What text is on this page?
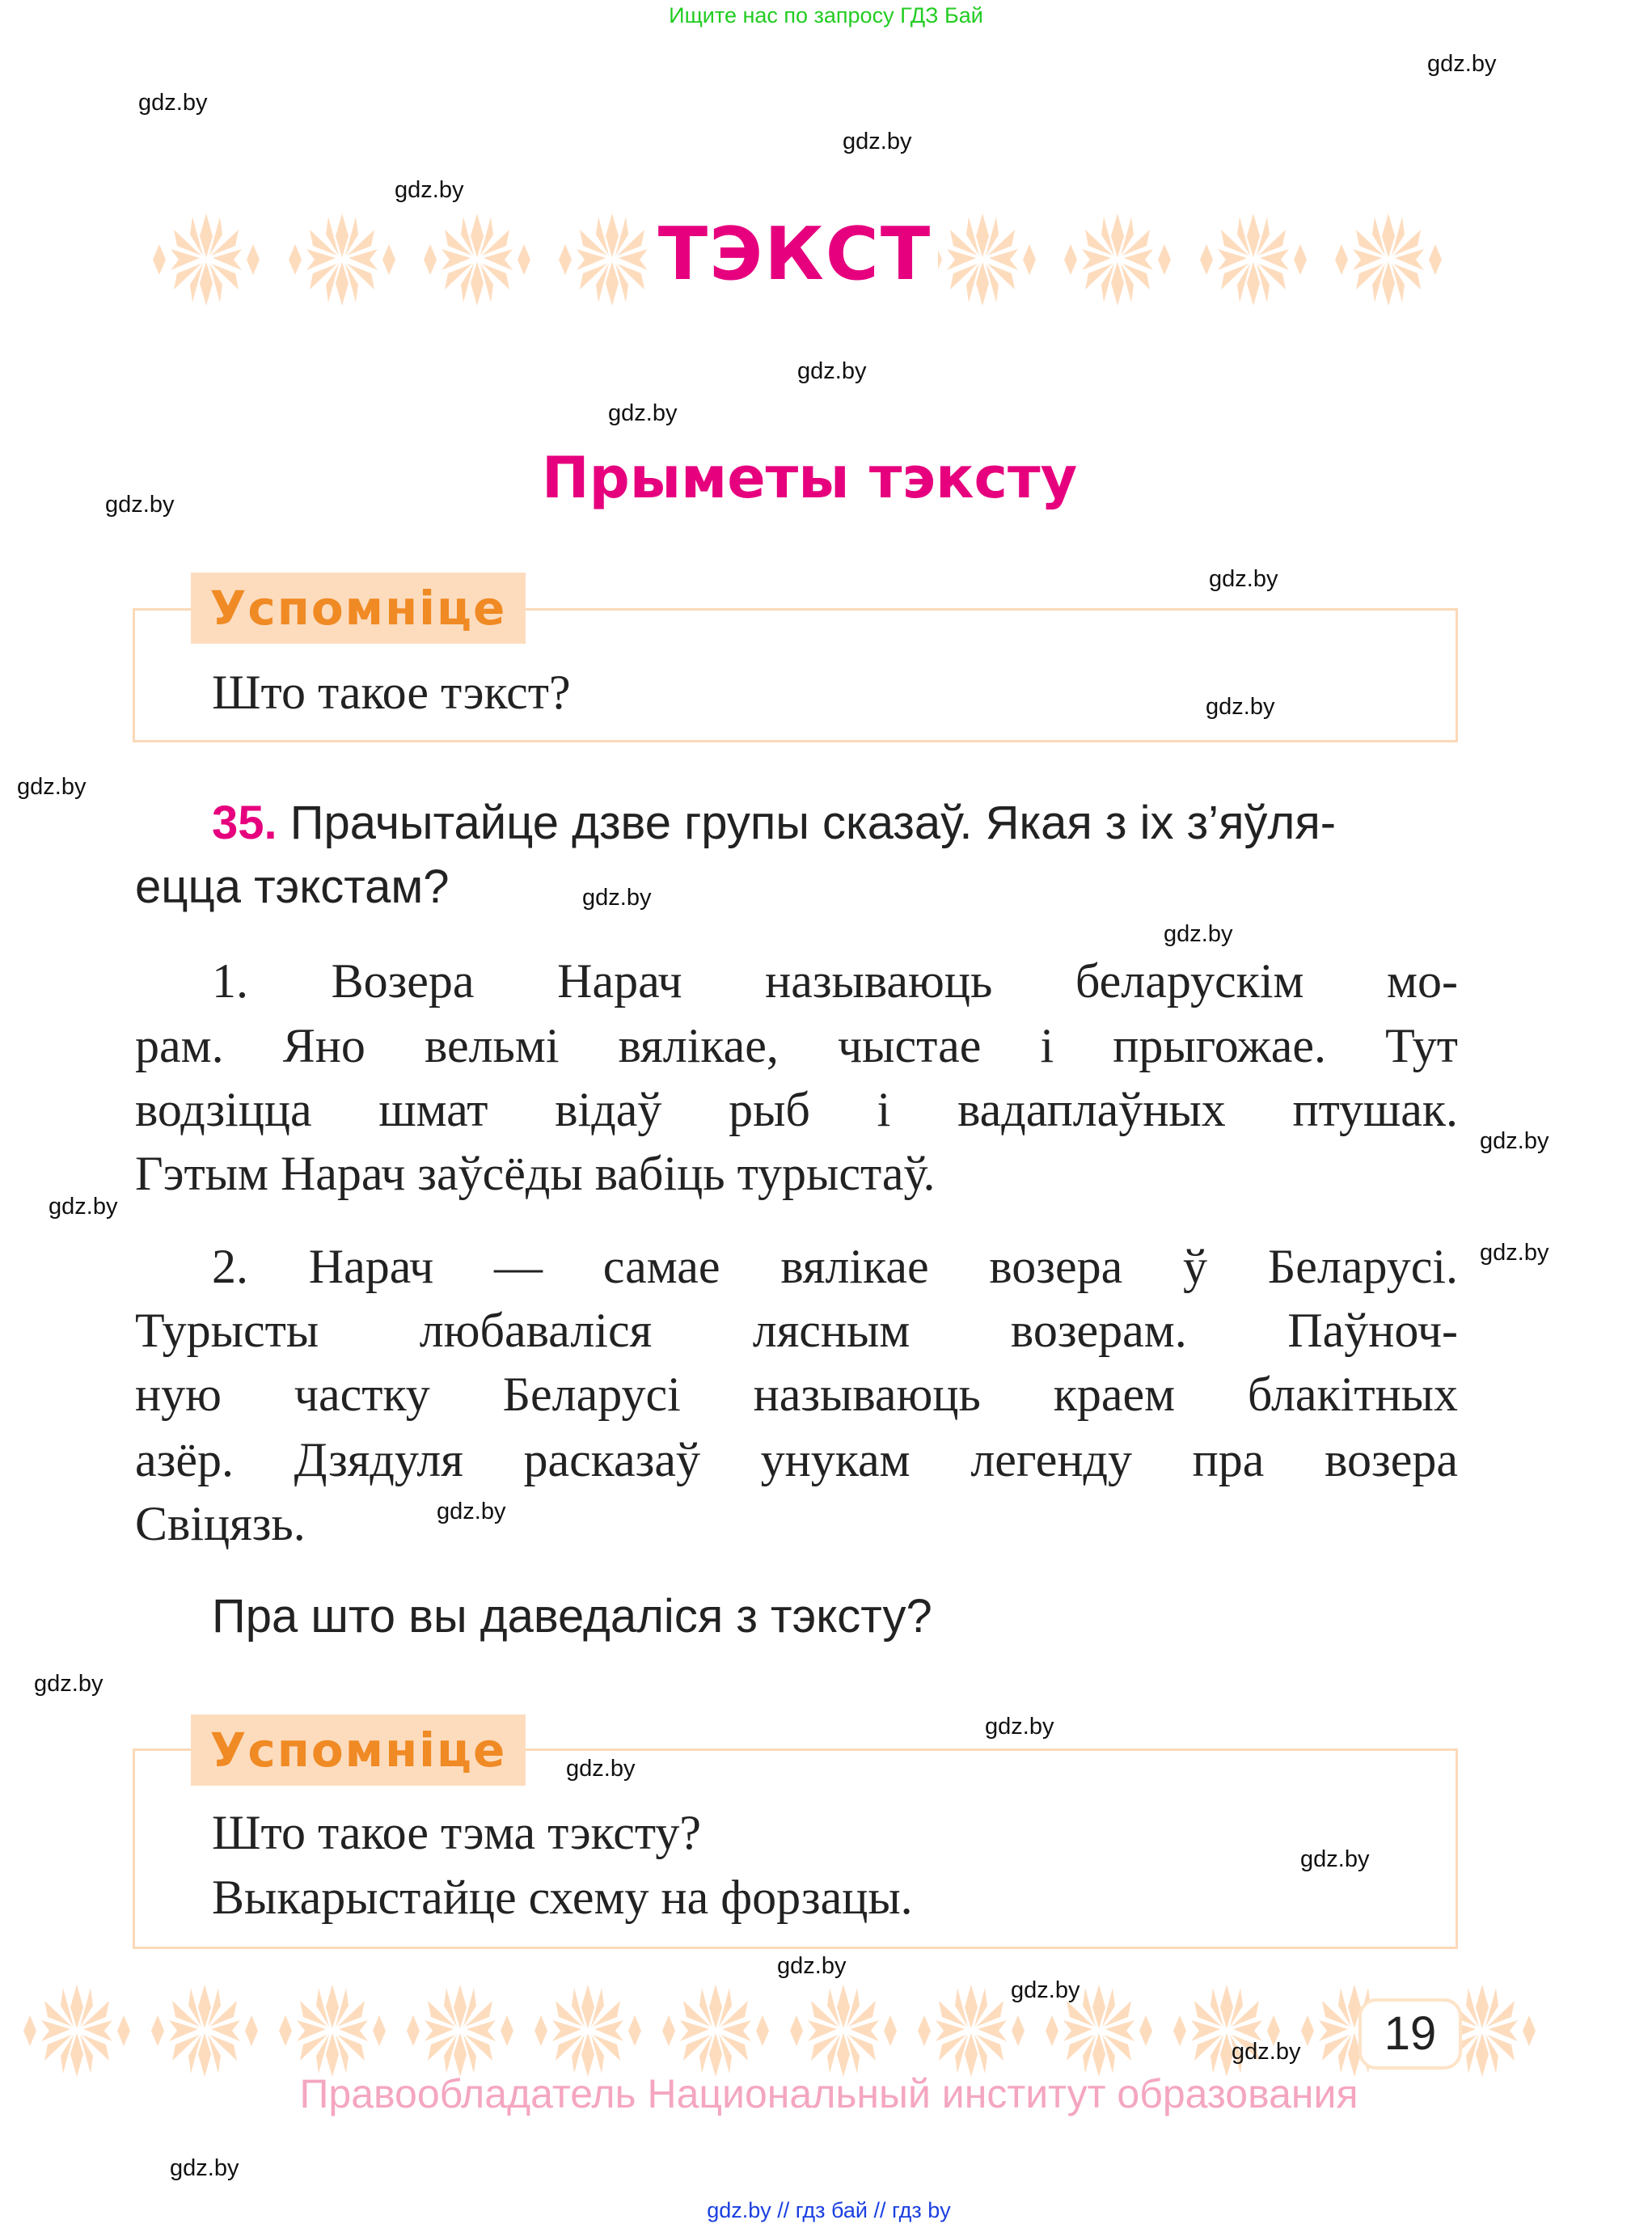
Ищите нас по запросу ГДЗ Бай
ТЭКСТ
Прыметы тэксту
Успомніце
Што такое тэкст?
35. Прачытайце дзве групы сказаў. Якая з іх з’яўля-
ецца тэкстам?
1. Возера Нарач называюць беларускім мо-
рам. Яно вельмі вялікае, чыстае і прыгожае. Тут
водзіцца шмат відаў рыб і вадаплаўных птушак.
Гэтым Нарач заўсёды вабіць турыстаў.
2. Нарач — самае вялікае возера ў Беларусі.
Турысты любаваліся лясным возерам. Паўноч-
ную частку Беларусі называюць краем блакітных
азёр. Дзядуля расказаў унукам легенду пра возера
Свіцязь.
Пра што вы даведаліся з тэксту?
Успомніце
Што такое тэма тэксту?
Выкарыстайце схему на форзацы.
19
Правообладатель Национальный институт образования
gdz.by // гдз бай // гдз by
gdz.by
gdz.by
gdz.by
gdz.by
gdz.by
gdz.by
gdz.by
gdz.by
gdz.by
gdz.by
gdz.by
gdz.by
gdz.by
gdz.by
gdz.by
gdz.by
gdz.by
gdz.by
gdz.by
gdz.by
gdz.by
gdz.by
gdz.by
gdz.by
